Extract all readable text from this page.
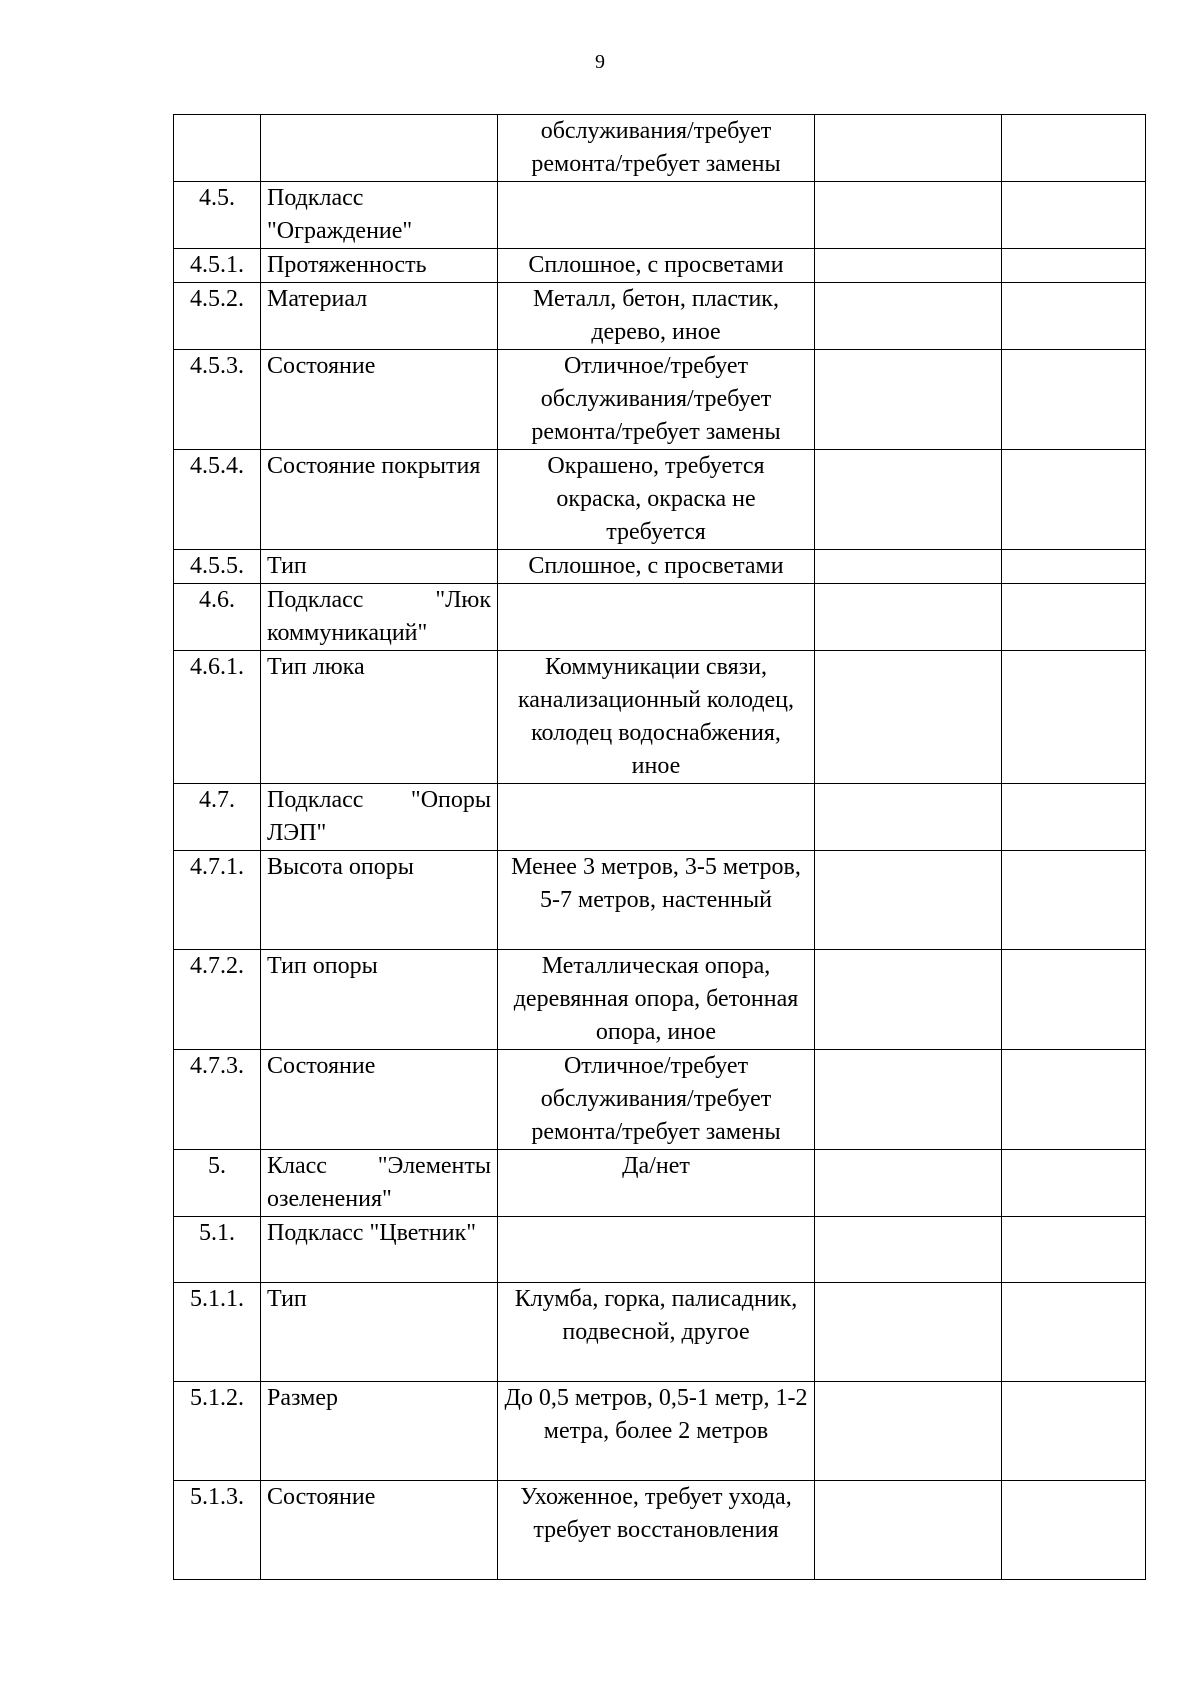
9
		обслуживания/требует ремонта/требует замены		
4.5.	Подкласс "Ограждение"			
4.5.1.	Протяженность	Сплошное, с просветами		
4.5.2.	Материал	Металл, бетон, пластик, дерево, иное		
4.5.3.	Состояние	Отличное/требует обслуживания/требует ремонта/требует замены		
4.5.4.	Состояние покрытия	Окрашено, требуется окраска, окраска не требуется		
4.5.5.	Тип	Сплошное, с просветами		
4.6.	Подкласс "Люк коммуникаций"			
4.6.1.	Тип люка	Коммуникации связи, канализационный колодец, колодец водоснабжения, иное		
4.7.	Подкласс "Опоры ЛЭП"			
4.7.1.	Высота опоры	Менее 3 метров, 3-5 метров, 5-7 метров, настенный		
4.7.2.	Тип опоры	Металлическая опора, деревянная опора, бетонная опора, иное		
4.7.3.	Состояние	Отличное/требует обслуживания/требует ремонта/требует замены		
5.	Класс "Элементы озеленения"	Да/нет		
5.1.	Подкласс "Цветник"			
5.1.1.	Тип	Клумба, горка, палисадник, подвесной, другое		
5.1.2.	Размер	До 0,5 метров, 0,5-1 метр, 1-2 метра, более 2 метров		
5.1.3.	Состояние	Ухоженное, требует ухода, требует восстановления		
